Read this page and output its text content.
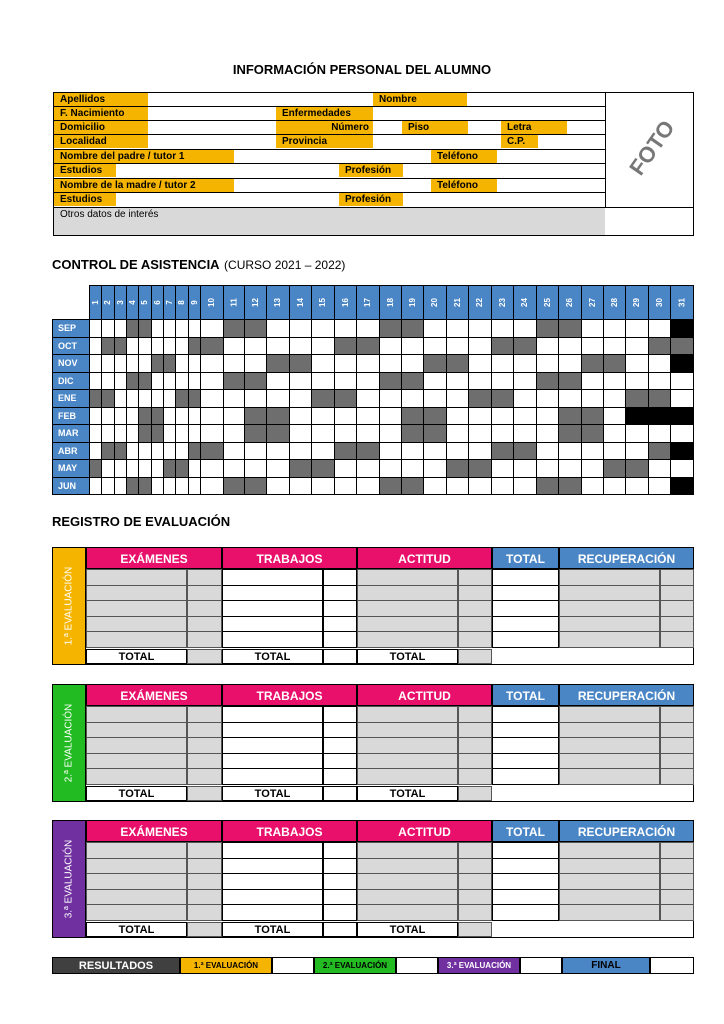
INFORMACIÓN PERSONAL DEL ALUMNO
FOTO
Apellidos	Nombre
F. Nacimiento	Enfermedades
Domicilio	Número	Piso	Letra
Localidad	Provincia	C.P.
Nombre del padre / tutor 1	Teléfono
Estudios	Profesión
Nombre de la madre / tutor 2	Teléfono
Estudios	Profesión
Otros datos de interés
CONTROL DE ASISTENCIA (CURSO 2021 – 2022)

	1	2	3	4	5	6	7	8	9	10	11	12	13	14	15	16	17	18	19	20	21	22	23	24	25	26	27	28	29	30	31

SEP																															
OCT																															
NOV																															
DIC																															
ENE																															
FEB																															
MAR																															
ABR																															
MAY																															
JUN																															
REGISTRO DE EVALUACIÓN
1.ª EVALUACIÓN
EXÁMENES	TRABAJOS	ACTITUD	TOTAL	RECUPERACIÓN
TOTAL	TOTAL	TOTAL
2.ª EVALUACIÓN
EXÁMENES	TRABAJOS	ACTITUD	TOTAL	RECUPERACIÓN
TOTAL	TOTAL	TOTAL
3.ª EVALUACIÓN
EXÁMENES	TRABAJOS	ACTITUD	TOTAL	RECUPERACIÓN
TOTAL	TOTAL	TOTAL
RESULTADOS	1.ª EVALUACIÓN	2.ª EVALUACIÓN	3.ª EVALUACIÓN	FINAL
